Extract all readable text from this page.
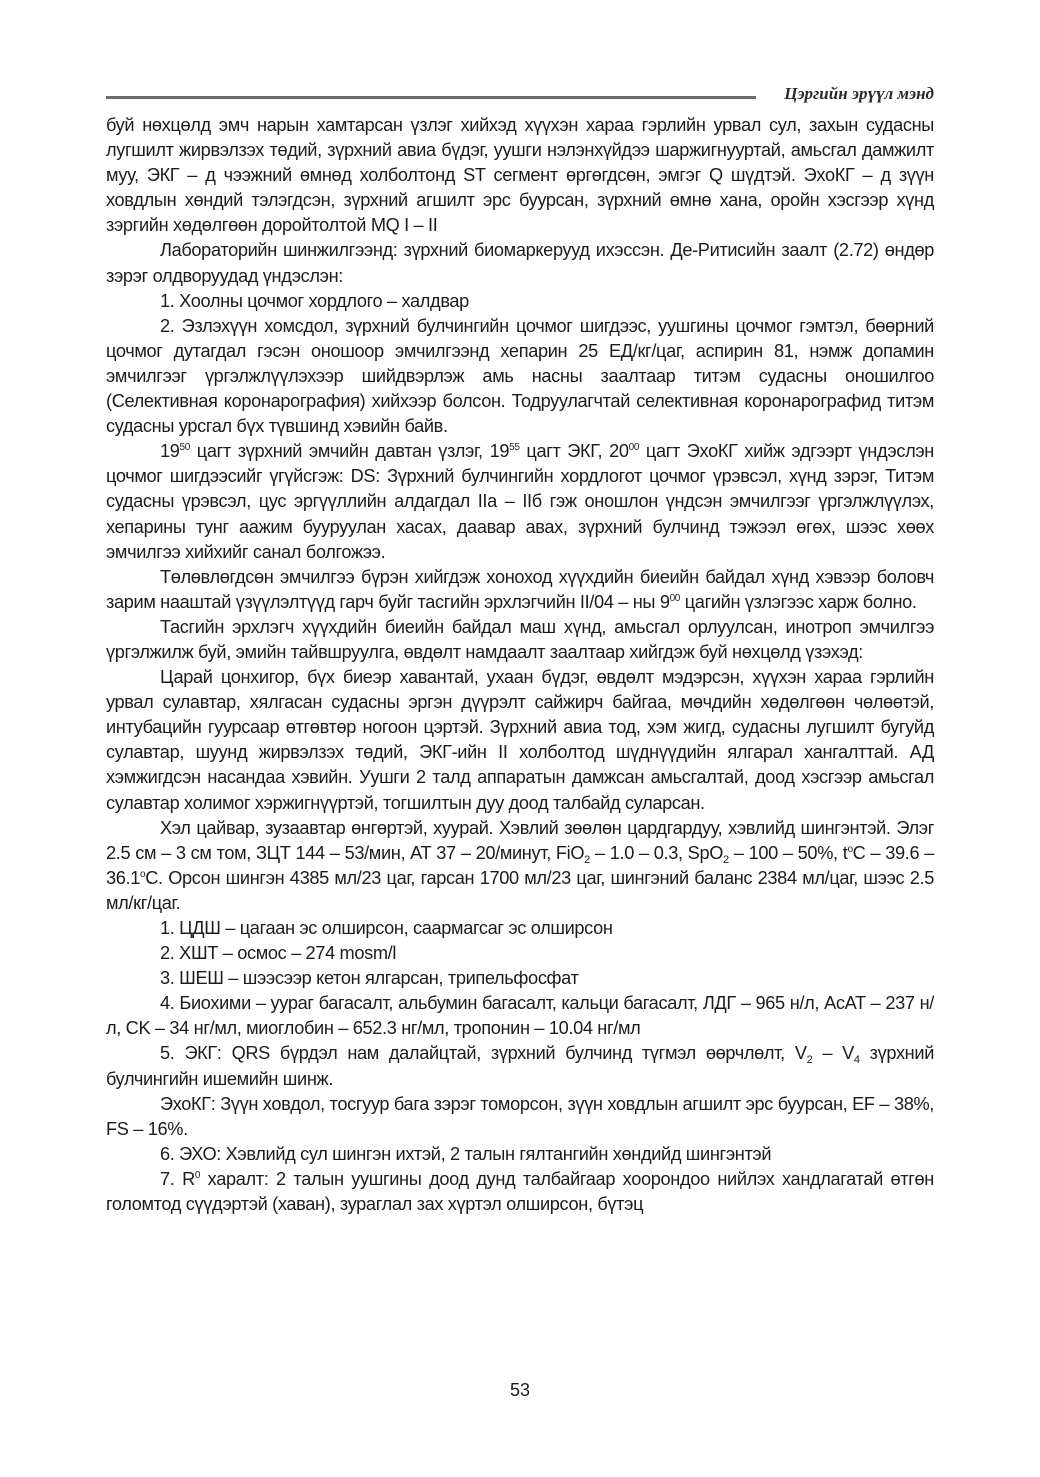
Цэргийн эрүүл мэнд

буй нөхцөлд эмч нарын хамтарсан үзлэг хийхэд хүүхэн хараа гэрлийн урвал сул, захын судасны лугшилт жирвэлзэх төдий, зүрхний авиа бүдэг, уушги нэлэнхүйдээ шаржигнууртай, амьсгал дамжилт муу, ЭКГ – д чээжний өмнөд холболтонд ST сегмент өргөгдсөн, эмгэг Q шүдтэй. ЭхоКГ – д зүүн ховдлын хөндий тэлэгдсэн, зүрхний агшилт эрс буурсан, зүрхний өмнө хана, оройн хэсгээр хүнд зэргийн хөдөлгөөн доройтолтой MQ I – II

Лабораторийн шинжилгээнд: зүрхний биомаркерууд ихэссэн. Де-Ритисийн заалт (2.72) өндөр зэрэг олдворуудад үндэслэн:

1. Хоолны цочмог хордлого – халдвар

2. Эзлэхүүн хомсдол, зүрхний булчингийн цочмог шигдээс, уушгины цочмог гэмтэл, бөөрний цочмог дутагдал гэсэн оношоор эмчилгээнд хепарин 25 ЕД/кг/цаг, аспирин 81, нэмж допамин эмчилгээг үргэлжлүүлэхээр шийдвэрлэж амь насны заалтаар титэм судасны оношилгоо (Селективная коронарография) хийхээр болсон. Тодруулагчтай селективная коронарографид титэм судасны урсгал бүх түвшинд хэвийн байв.

$19^{50}$ цагт зүрхний эмчийн давтан үзлэг, $19^{55}$ цагт ЭКГ, $20^{00}$ цагт ЭхоКГ хийж эдгээрт үндэслэн цочмог шигдээсийг үгүйсгэж: DS: Зүрхний булчингийн хордлогот цочмог үрэвсэл, хүнд зэрэг, Титэм судасны үрэвсэл, цус эргүүллийн алдагдал IIа – IIб гэж оношлон үндсэн эмчилгээг үргэлжлүүлэх, хепарины тунг аажим бууруулан хасах, даавар авах, зүрхний булчинд тэжээл өгөх, шээс хөөх эмчилгээ хийхийг санал болгожээ.

Төлөвлөгдсөн эмчилгээ бүрэн хийгдэж хоноход хүүхдийн биеийн байдал хүнд хэвээр боловч зарим нааштай үзүүлэлтүүд гарч буйг тасгийн эрхлэгчийн II/04 – ны $9^{00}$ цагийн үзлэгээс харж болно.

Тасгийн эрхлэгч хүүхдийн биеийн байдал маш хүнд, амьсгал орлуулсан, инотроп эмчилгээ үргэлжилж буй, эмийн тайвшруулга, өвдөлт намдаалт заалтаар хийгдэж буй нөхцөлд үзэхэд:

Царай цонхигор, бүх биеэр хавантай, ухаан бүдэг, өвдөлт мэдэрсэн, хүүхэн хараа гэрлийн урвал сулавтар, хялгасан судасны эргэн дүүрэлт сайжирч байгаа, мөчдийн хөдөлгөөн чөлөөтэй, интубацийн гуурсаар өтгөвтөр ногоон цэртэй. Зүрхний авиа тод, хэм жигд, судасны лугшилт бугуйд сулавтар, шуунд жирвэлзэх төдий, ЭКГ-ийн II холболтод шүднүүдийн ялгарал хангалттай. АД хэмжигдсэн насандаа хэвийн. Уушги 2 талд аппаратын дамжсан амьсгалтай, доод хэсгээр амьсгал сулавтар холимог хэржигнүүртэй, тогшилтын дуу доод талбайд суларсан.

Хэл цайвар, зузаавтар өнгөртэй, хуурай. Хэвлий зөөлөн цардгардуу, хэвлийд шингэнтэй. Элэг 2.5 см – 3 см том, ЗЦТ 144 – 53/мин, АТ 37 – 20/минут, FiO$_2$ – 1.0 – 0.3, SpO$_2$ – 100 – 50%, $t^oC - 39.6 - 36.1^oC$. Орсон шингэн 4385 мл/23 цаг, гарсан 1700 мл/23 цаг, шингэний баланс 2384 мл/цаг, шээс 2.5 мл/кг/цаг.

1. ЦДШ – цагаан эс олширсон, саармагсаг эс олширсон

2. ХШТ – осмос – 274 mosm/l

3. ШЕШ – шээсээр кетон ялгарсан, трипельфосфат

4. Биохими – уураг багасалт, альбумин багасалт, кальци багасалт, ЛДГ – 965 н/л, АсАТ – 237 н/л, CK – 34 нг/мл, миоглобин – 652.3 нг/мл, тропонин – 10.04 нг/мл

5. ЭКГ: QRS бүрдэл нам далайцтай, зүрхний булчинд түгмэл өөрчлөлт, $V_2 - V_4$ зүрхний булчингийн ишемийн шинж.

ЭхоКГ: Зүүн ховдол, тосгуур бага зэрэг томорсон, зүүн ховдлын агшилт эрс буурсан, EF – 38%, FS – 16%.

6. ЭХО: Хэвлийд сул шингэн ихтэй, 2 талын гялтангийн хөндийд шингэнтэй

7. $R^0$ харалт: 2 талын уушгины доод дунд талбайгаар хоорондоо нийлэх хандлагатай өтгөн голомтод сүүдэртэй (хаван), зураглал зах хүртэл олширсон, бүтэц

53
